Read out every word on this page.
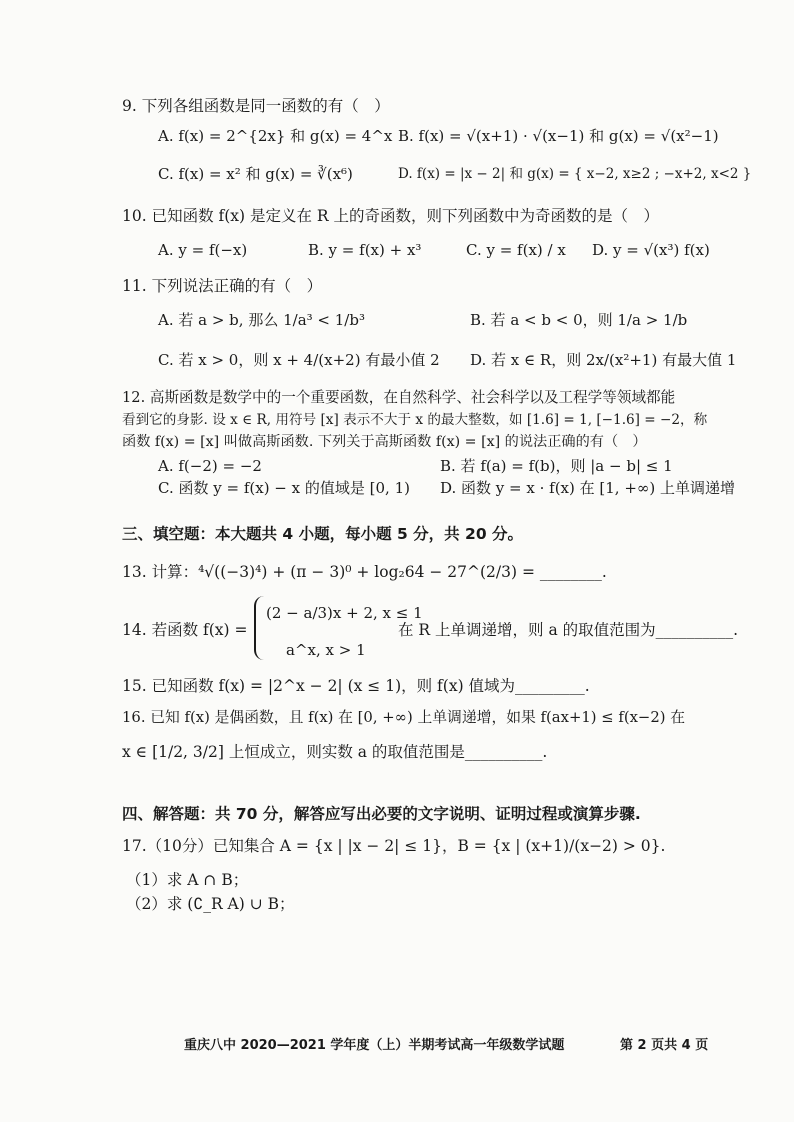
9. 下列各组函数是同一函数的有（　）
A. f(x) = 2^{2x} 和 g(x) = 4^x B. f(x) = √(x+1) · √(x−1) 和 g(x) = √(x²−1)
C. f(x) = x² 和 g(x) = ∛(x⁶)	D. f(x) = |x − 2| 和 g(x) = { x−2, x≥2 ; −x+2, x<2 }
10. 已知函数 f(x) 是定义在 R 上的奇函数，则下列函数中为奇函数的是（　）
A. y = f(−x)	B. y = f(x) + x³	C. y = f(x) / x D. y = √(x³) f(x)
11. 下列说法正确的有（　）
A. 若 a > b, 那么 1/a³ < 1/b³	B. 若 a < b < 0，则 1/a > 1/b
C. 若 x > 0，则 x + 4/(x+2) 有最小值 2 D. 若 x ∈ R，则 2x/(x²+1) 有最大值 1
12. 高斯函数是数学中的一个重要函数，在自然科学、社会科学以及工程学等领域都能
看到它的身影. 设 x ∈ R, 用符号 [x] 表示不大于 x 的最大整数，如 [1.6] = 1, [−1.6] = −2，称
函数 f(x) = [x] 叫做高斯函数. 下列关于高斯函数 f(x) = [x] 的说法正确的有（　）
A. f(−2) = −2	B. 若 f(a) = f(b)，则 |a − b| ≤ 1
C. 函数 y = f(x) − x 的值域是 [0, 1) D. 函数 y = x · f(x) 在 [1, +∞) 上单调递增
三、填空题：本大题共 4 小题，每小题 5 分，共 20 分。
13. 计算：⁴√((−3)⁴) + (π − 3)⁰ + log₂64 − 27^(2/3) = ________.
14. 若函数 f(x) =
(2 − a/3)x + 2, x ≤ 1
a^x, x > 1
在 R 上单调递增，则 a 的取值范围为__________.
15. 已知函数 f(x) = |2^x − 2| (x ≤ 1)，则 f(x) 值域为_________.
16. 已知 f(x) 是偶函数，且 f(x) 在 [0, +∞) 上单调递增，如果 f(ax+1) ≤ f(x−2) 在
x ∈ [1/2, 3/2] 上恒成立，则实数 a 的取值范围是__________.
四、解答题：共 70 分，解答应写出必要的文字说明、证明过程或演算步骤.
17.（10分）已知集合 A = {x | |x − 2| ≤ 1}，B = {x | (x+1)/(x−2) > 0}.
（1）求 A ∩ B；
（2）求 (∁_R A) ∪ B；
重庆八中 2020—2021 学年度（上）半期考试高一年级数学试题	第 2 页共 4 页
